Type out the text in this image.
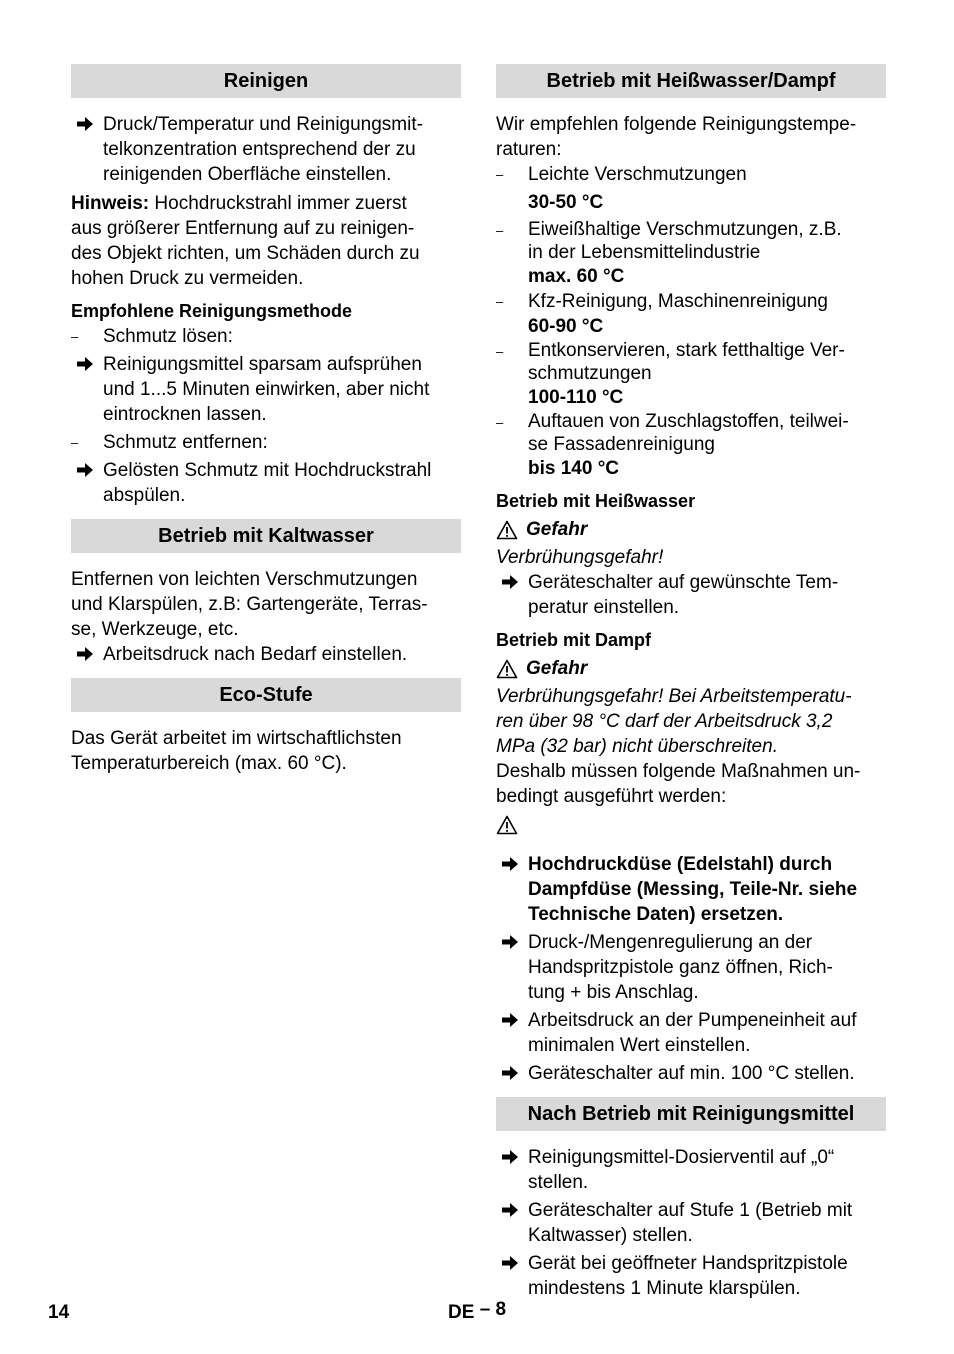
Reinigen
Druck/Temperatur und Reinigungsmit-
telkonzentration entsprechend der zu
reinigenden Oberfläche einstellen.
Hinweis: Hochdruckstrahl immer zuerst
aus größerer Entfernung auf zu reinigen-
des Objekt richten, um Schäden durch zu
hohen Druck zu vermeiden.
Empfohlene Reinigungsmethode
–	Schmutz lösen:
Reinigungsmittel sparsam aufsprühen
und 1...5 Minuten einwirken, aber nicht
eintrocknen lassen.
–	Schmutz entfernen:
Gelösten Schmutz mit Hochdruckstrahl
abspülen.
Betrieb mit Kaltwasser
Entfernen von leichten Verschmutzungen
und Klarspülen, z.B: Gartengeräte, Terras-
se, Werkzeuge, etc.
Arbeitsdruck nach Bedarf einstellen.
Eco-Stufe
Das Gerät arbeitet im wirtschaftlichsten
Temperaturbereich (max. 60 °C).
Betrieb mit Heißwasser/Dampf
Wir empfehlen folgende Reinigungstempe-
raturen:
–	Leichte Verschmutzungen
30-50 °C
–	Eiweißhaltige Verschmutzungen, z.B.
in der Lebensmittelindustrie
max. 60 °C
–	Kfz-Reinigung, Maschinenreinigung
60-90 °C
–	Entkonservieren, stark fetthaltige Ver-
schmutzungen
100-110 °C
–	Auftauen von Zuschlagstoffen, teilwei-
se Fassadenreinigung
bis 140 °C
Betrieb mit Heißwasser
Gefahr
Verbrühungsgefahr!
Geräteschalter auf gewünschte Tem-
peratur einstellen.
Betrieb mit Dampf
Gefahr
Verbrühungsgefahr! Bei Arbeitstemperatu-
ren über 98 °C darf der Arbeitsdruck 3,2
MPa (32 bar) nicht überschreiten.
Deshalb müssen folgende Maßnahmen un-
bedingt ausgeführt werden:
Hochdruckdüse (Edelstahl) durch
Dampfdüse (Messing, Teile-Nr. siehe
Technische Daten) ersetzen.
Druck-/Mengenregulierung an der
Handspritzpistole ganz öffnen, Rich-
tung + bis Anschlag.
Arbeitsdruck an der Pumpeneinheit auf
minimalen Wert einstellen.
Geräteschalter auf min. 100 °C stellen.
Nach Betrieb mit Reinigungsmittel
Reinigungsmittel-Dosierventil auf „0“
stellen.
Geräteschalter auf Stufe 1 (Betrieb mit
Kaltwasser) stellen.
Gerät bei geöffneter Handspritzpistole
mindestens 1 Minute klarspülen.
14	DE – 8
